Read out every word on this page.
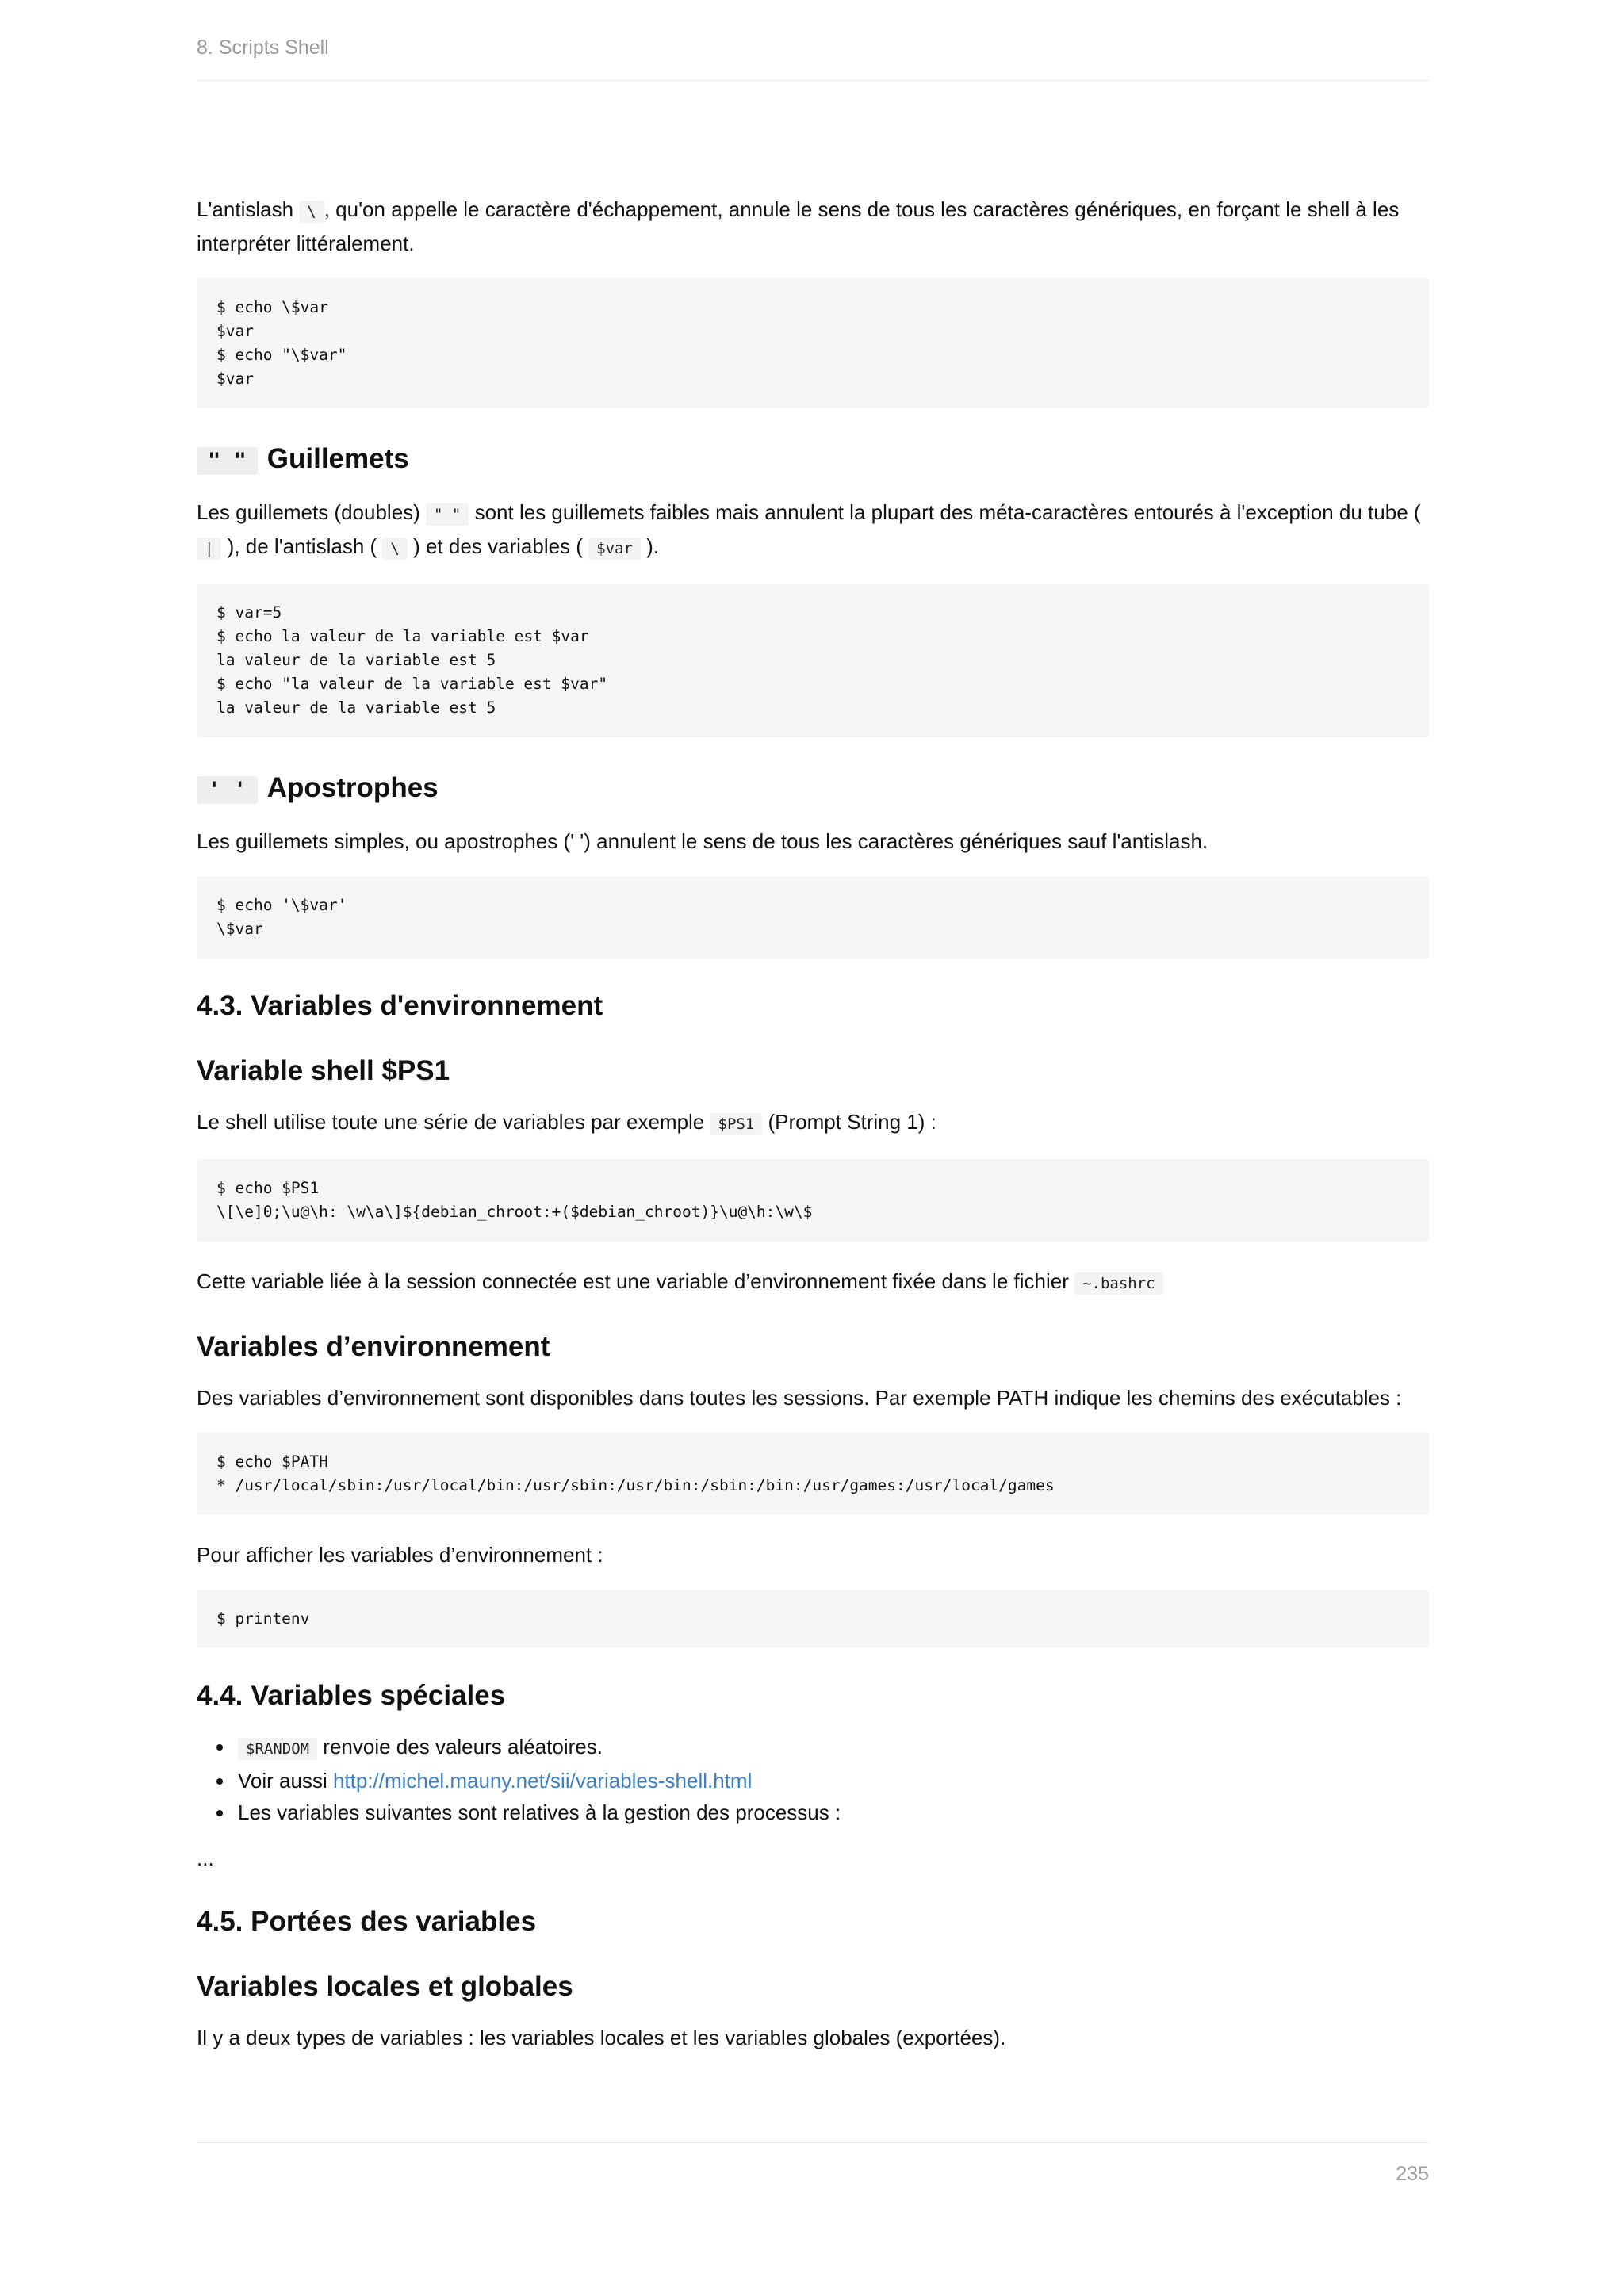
8. Scripts Shell

L'antislash \ , qu'on appelle le caractère d'échappement, annule le sens de tous les caractères génériques, en forçant le shell à les interpréter littéralement.

$ echo \$var
$var
$ echo "\$var"
$var
" " Guillemets

Les guillemets (doubles) " " sont les guillemets faibles mais annulent la plupart des méta-caractères entourés à l'exception du tube ( | ), de l'antislash ( \ ) et des variables ( $var ).

$ var=5
$ echo la valeur de la variable est $var
la valeur de la variable est 5
$ echo "la valeur de la variable est $var"
la valeur de la variable est 5
' ' Apostrophes

Les guillemets simples, ou apostrophes (' ') annulent le sens de tous les caractères génériques sauf l'antislash.

$ echo '\$var'
\$var
4.3. Variables d'environnement
Variable shell $PS1

Le shell utilise toute une série de variables par exemple $PS1 (Prompt String 1) :

$ echo $PS1
\[\e]0;\u@\h: \w\a\]${debian_chroot:+($debian_chroot)}\u@\h:\w\$

Cette variable liée à la session connectée est une variable d’environnement fixée dans le fichier ~.bashrc

Variables d’environnement

Des variables d’environnement sont disponibles dans toutes les sessions. Par exemple PATH indique les chemins des exécutables :

$ echo $PATH
* /usr/local/sbin:/usr/local/bin:/usr/sbin:/usr/bin:/sbin:/bin:/usr/games:/usr/local/games

Pour afficher les variables d’environnement :

$ printenv
4.4. Variables spéciales
• $RANDOM renvoie des valeurs aléatoires.
• Voir aussi http://michel.mauny.net/sii/variables-shell.html
• Les variables suivantes sont relatives à la gestion des processus :

...

4.5. Portées des variables
Variables locales et globales

Il y a deux types de variables : les variables locales et les variables globales (exportées).

235
